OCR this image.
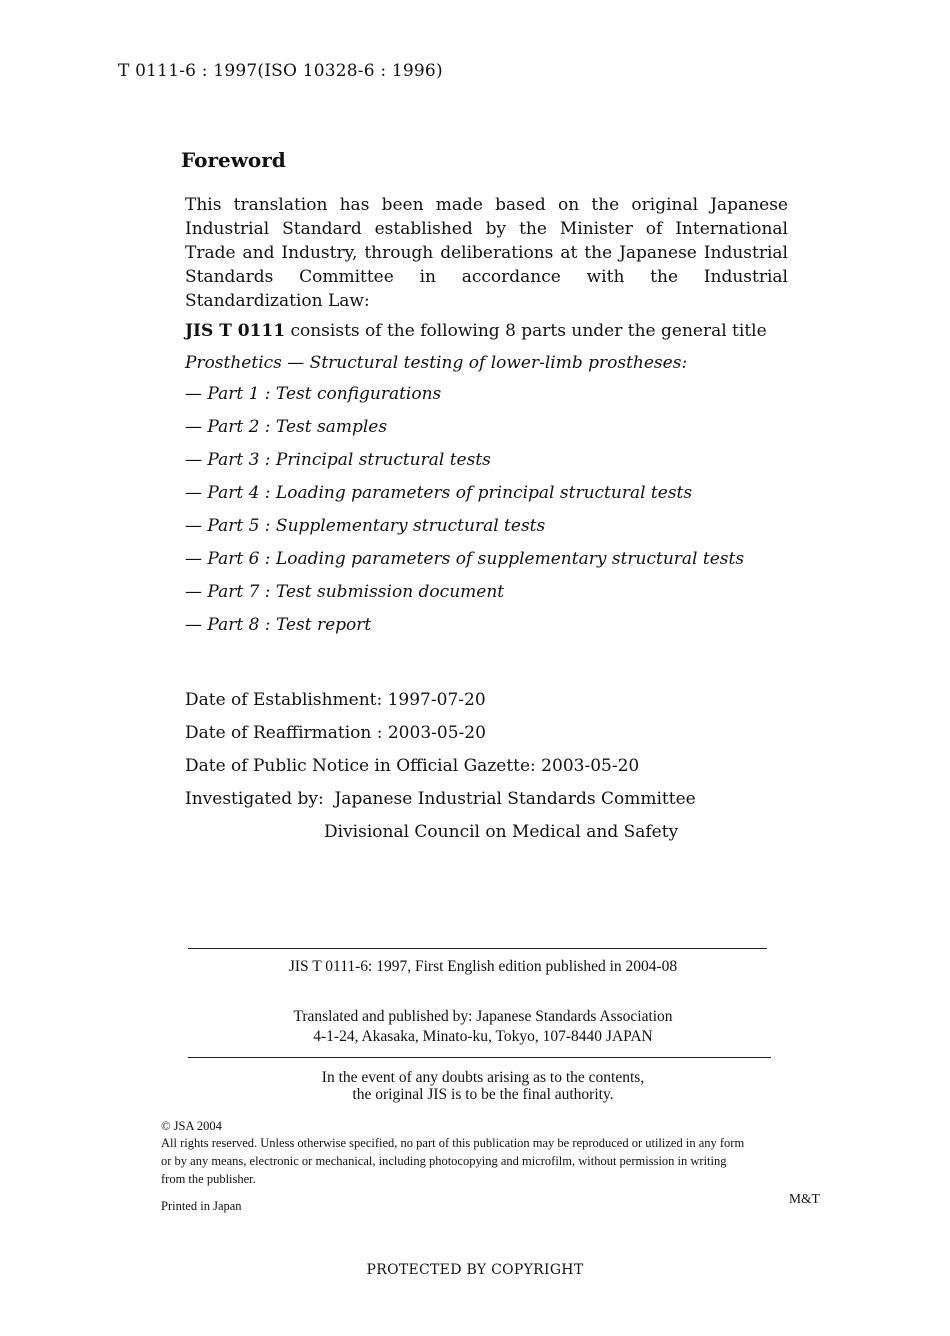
T 0111-6 : 1997(ISO 10328-6 : 1996)
Foreword
This translation has been made based on the original Japanese Industrial Standard established by the Minister of International Trade and Industry, through deliberations at the Japanese Industrial Standards Committee in accordance with the Industrial Standardization Law:
JIS T 0111 consists of the following 8 parts under the general title
Prosthetics — Structural testing of lower-limb prostheses:
— Part 1 : Test configurations
— Part 2 : Test samples
— Part 3 : Principal structural tests
— Part 4 : Loading parameters of principal structural tests
— Part 5 : Supplementary structural tests
— Part 6 : Loading parameters of supplementary structural tests
— Part 7 : Test submission document
— Part 8 : Test report
Date of Establishment: 1997-07-20
Date of Reaffirmation : 2003-05-20
Date of Public Notice in Official Gazette: 2003-05-20
Investigated by:  Japanese Industrial Standards Committee
Divisional Council on Medical and Safety
JIS T 0111-6: 1997, First English edition published in 2004-08
Translated and published by: Japanese Standards Association
4-1-24, Akasaka, Minato-ku, Tokyo, 107-8440 JAPAN
In the event of any doubts arising as to the contents,
the original JIS is to be the final authority.
© JSA 2004
All rights reserved. Unless otherwise specified, no part of this publication may be reproduced or utilized in any form
or by any means, electronic or mechanical, including photocopying and microfilm, without permission in writing
from the publisher.
Printed in Japan	M&T
PROTECTED BY COPYRIGHT
